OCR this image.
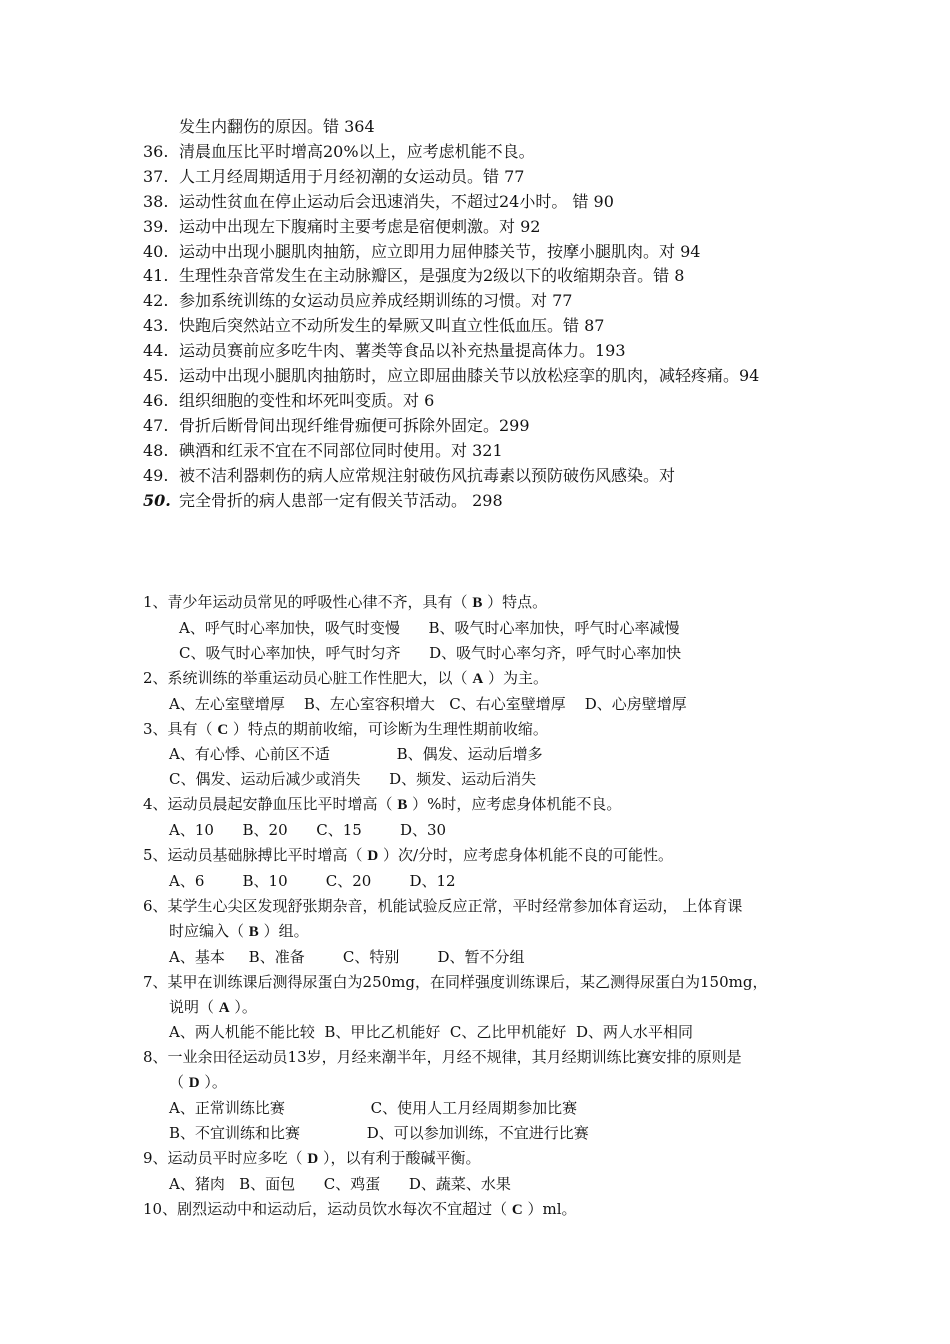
发生内翻伤的原因。错 364
36. 清晨血压比平时增高20%以上，应考虑机能不良。
37. 人工月经周期适用于月经初潮的女运动员。错 77
38. 运动性贫血在停止运动后会迅速消失，不超过24小时。 错 90
39. 运动中出现左下腹痛时主要考虑是宿便刺激。对 92
40. 运动中出现小腿肌肉抽筋，应立即用力屈伸膝关节，按摩小腿肌肉。对 94
41. 生理性杂音常发生在主动脉瓣区，是强度为2级以下的收缩期杂音。错 8
42. 参加系统训练的女运动员应养成经期训练的习惯。对 77
43. 快跑后突然站立不动所发生的晕厥又叫直立性低血压。错 87
44. 运动员赛前应多吃牛肉、薯类等食品以补充热量提高体力。193
45. 运动中出现小腿肌肉抽筋时，应立即屈曲膝关节以放松痉挛的肌肉，减轻疼痛。94
46. 组织细胞的变性和坏死叫变质。对 6
47. 骨折后断骨间出现纤维骨痂便可拆除外固定。299
48. 碘酒和红汞不宜在不同部位同时使用。对 321
49. 被不洁利器刺伤的病人应常规注射破伤风抗毒素以预防破伤风感染。对
50. 完全骨折的病人患部一定有假关节活动。 298
1、青少年运动员常见的呼吸性心律不齐，具有（ B ）特点。
A、呼气时心率加快，吸气时变慢      B、吸气时心率加快，呼气时心率减慢
C、吸气时心率加快，呼气时匀齐      D、吸气时心率匀齐，呼气时心率加快
2、系统训练的举重运动员心脏工作性肥大，以（ A ）为主。
A、左心室壁增厚    B、左心室容积增大   C、右心室壁增厚    D、心房壁增厚
3、具有（ C ）特点的期前收缩，可诊断为生理性期前收缩。
A、有心悸、心前区不适              B、偶发、运动后增多
C、偶发、运动后减少或消失      D、频发、运动后消失
4、运动员晨起安静血压比平时增高（ B ）%时，应考虑身体机能不良。
A、10      B、20      C、15        D、30
5、运动员基础脉搏比平时增高（ D ）次/分时，应考虑身体机能不良的可能性。
A、6        B、10        C、20        D、12
6、某学生心尖区发现舒张期杂音，机能试验反应正常，平时经常参加体育运动， 上体育课
时应编入（ B ）组。
A、基本     B、准备        C、特别        D、暂不分组
7、某甲在训练课后测得尿蛋白为250mg，在同样强度训练课后，某乙测得尿蛋白为150mg，
说明（ A ）。
A、两人机能不能比较  B、甲比乙机能好  C、乙比甲机能好  D、两人水平相同
8、一业余田径运动员13岁，月经来潮半年，月经不规律，其月经期训练比赛安排的原则是
（ D ）。
A、正常训练比赛                  C、使用人工月经周期参加比赛
B、不宜训练和比赛              D、可以参加训练，不宜进行比赛
9、运动员平时应多吃（ D ），以有利于酸碱平衡。
A、猪肉   B、面包      C、鸡蛋      D、蔬菜、水果
10、剧烈运动中和运动后，运动员饮水每次不宜超过（ C ）ml。
